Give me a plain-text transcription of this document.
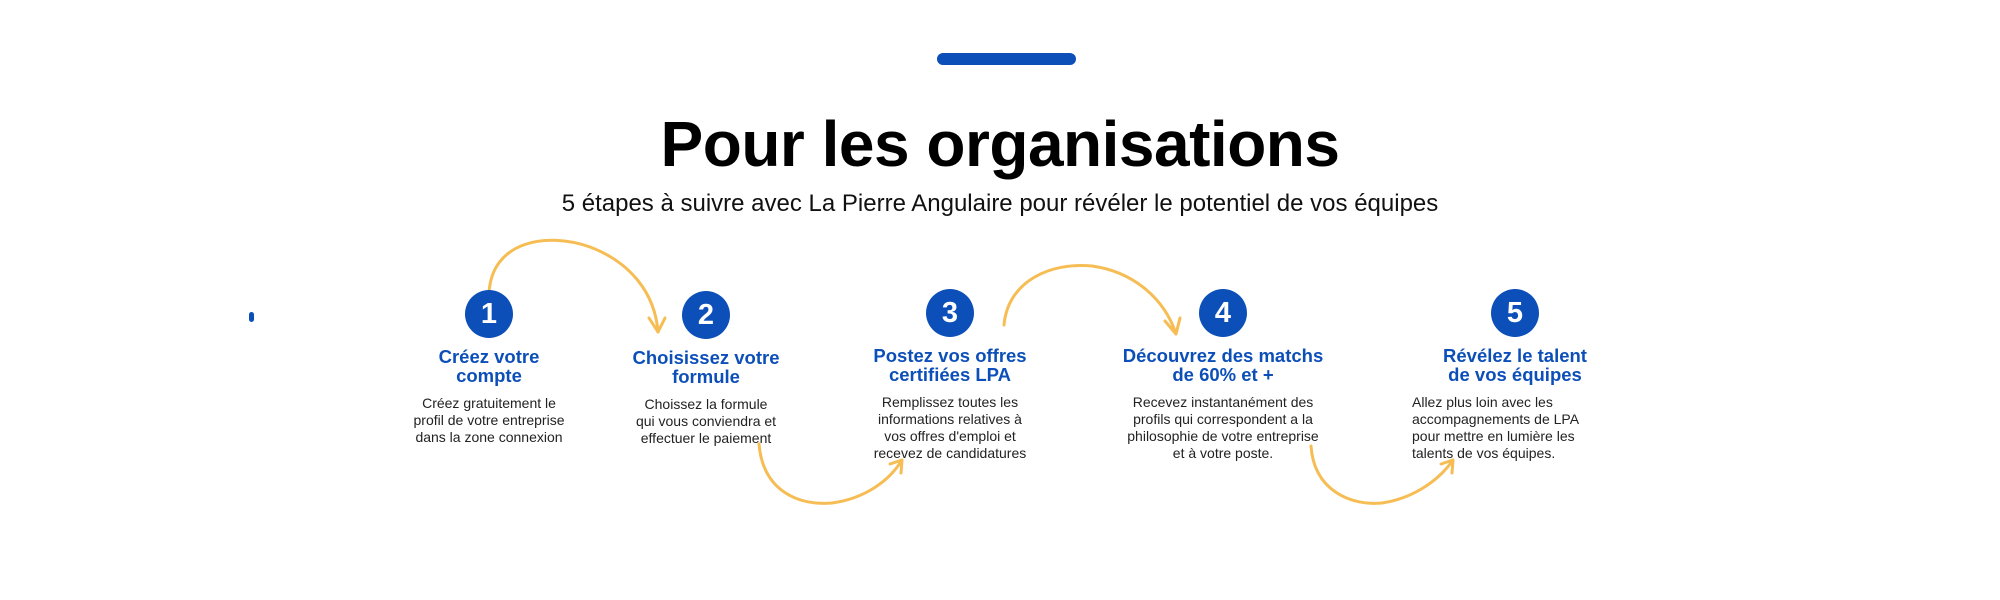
Pour les organisations
5 étapes à suivre avec La Pierre Angulaire pour révéler le potentiel de vos équipes
1
Créez votre
compte
Créez gratuitement le
profil de votre entreprise
dans la zone connexion
2
Choisissez votre
formule
Choissez la formule
qui vous conviendra et
effectuer le paiement
3
Postez vos offres
certifiées LPA
Remplissez toutes les
informations relatives à
vos offres d'emploi et
recevez de candidatures
4
Découvrez des matchs
de 60% et +
Recevez instantanément des
profils qui correspondent a la
philosophie de votre entreprise
et à votre poste.
5
Révélez le talent
de vos équipes
Allez plus loin avec les
accompagnements de LPA
pour mettre en lumière les
talents de vos équipes.
